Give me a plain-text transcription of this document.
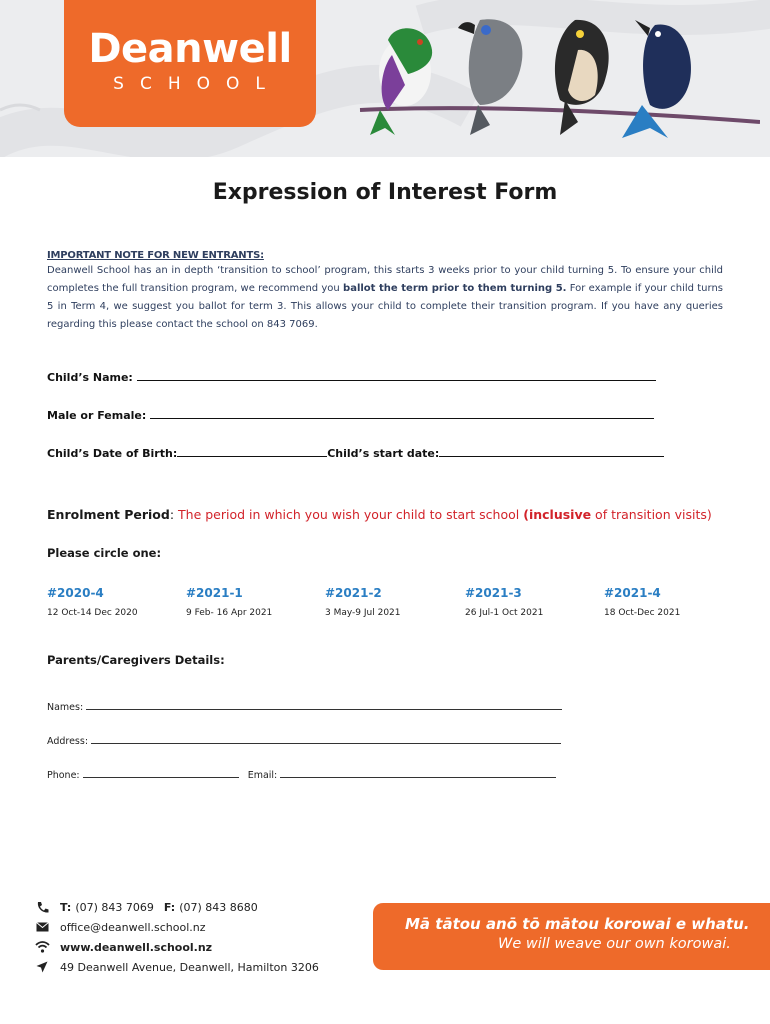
Deanwell
SCHOOL
Expression of Interest Form
IMPORTANT NOTE FOR NEW ENTRANTS:
Deanwell School has an in depth ‘transition to school’ program, this starts 3 weeks prior to your child turning 5. To ensure your child completes the full transition program, we recommend you ballot the term prior to them turning 5. For example if your child turns 5 in Term 4, we suggest you ballot for term 3. This allows your child to complete their transition program. If you have any queries regarding this please contact the school on 843 7069.
Child’s Name:
Male or Female:
Child’s Date of Birth:	Child’s start date:
Enrolment Period: The period in which you wish your child to start school (inclusive of transition visits)
Please circle one:
#2020-4
12 Oct-14 Dec 2020
#2021-1
9 Feb- 16 Apr 2021
#2021-2
3 May-9 Jul 2021
#2021-3
26 Jul-1 Oct 2021
#2021-4
18 Oct-Dec 2021
Parents/Caregivers Details:
Names:
Address:
Phone:	Email:
T: (07) 843 7069 F: (07) 843 8680
office@deanwell.school.nz
www.deanwell.school.nz
49 Deanwell Avenue, Deanwell, Hamilton 3206
Mā tātou anō tō mātou korowai e whatu.
We will weave our own korowai.
